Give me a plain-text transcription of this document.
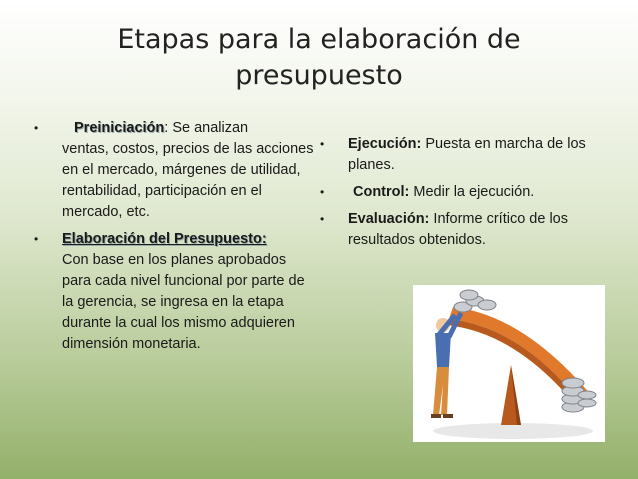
Etapas para la elaboración de
presupuesto
•	Preiniciación: Se analizan
ventas, costos, precios de las acciones en el mercado, márgenes de utilidad, rentabilidad, participación en el mercado, etc.
• Elaboración del Presupuesto:
Con base en los planes aprobados para cada nivel funcional por parte de la gerencia, se ingresa en la etapa durante la cual los mismo adquieren dimensión monetaria.
• Ejecución: Puesta en marcha de los planes.
• Control: Medir la ejecución.
• Evaluación: Informe crítico de los resultados obtenidos.
